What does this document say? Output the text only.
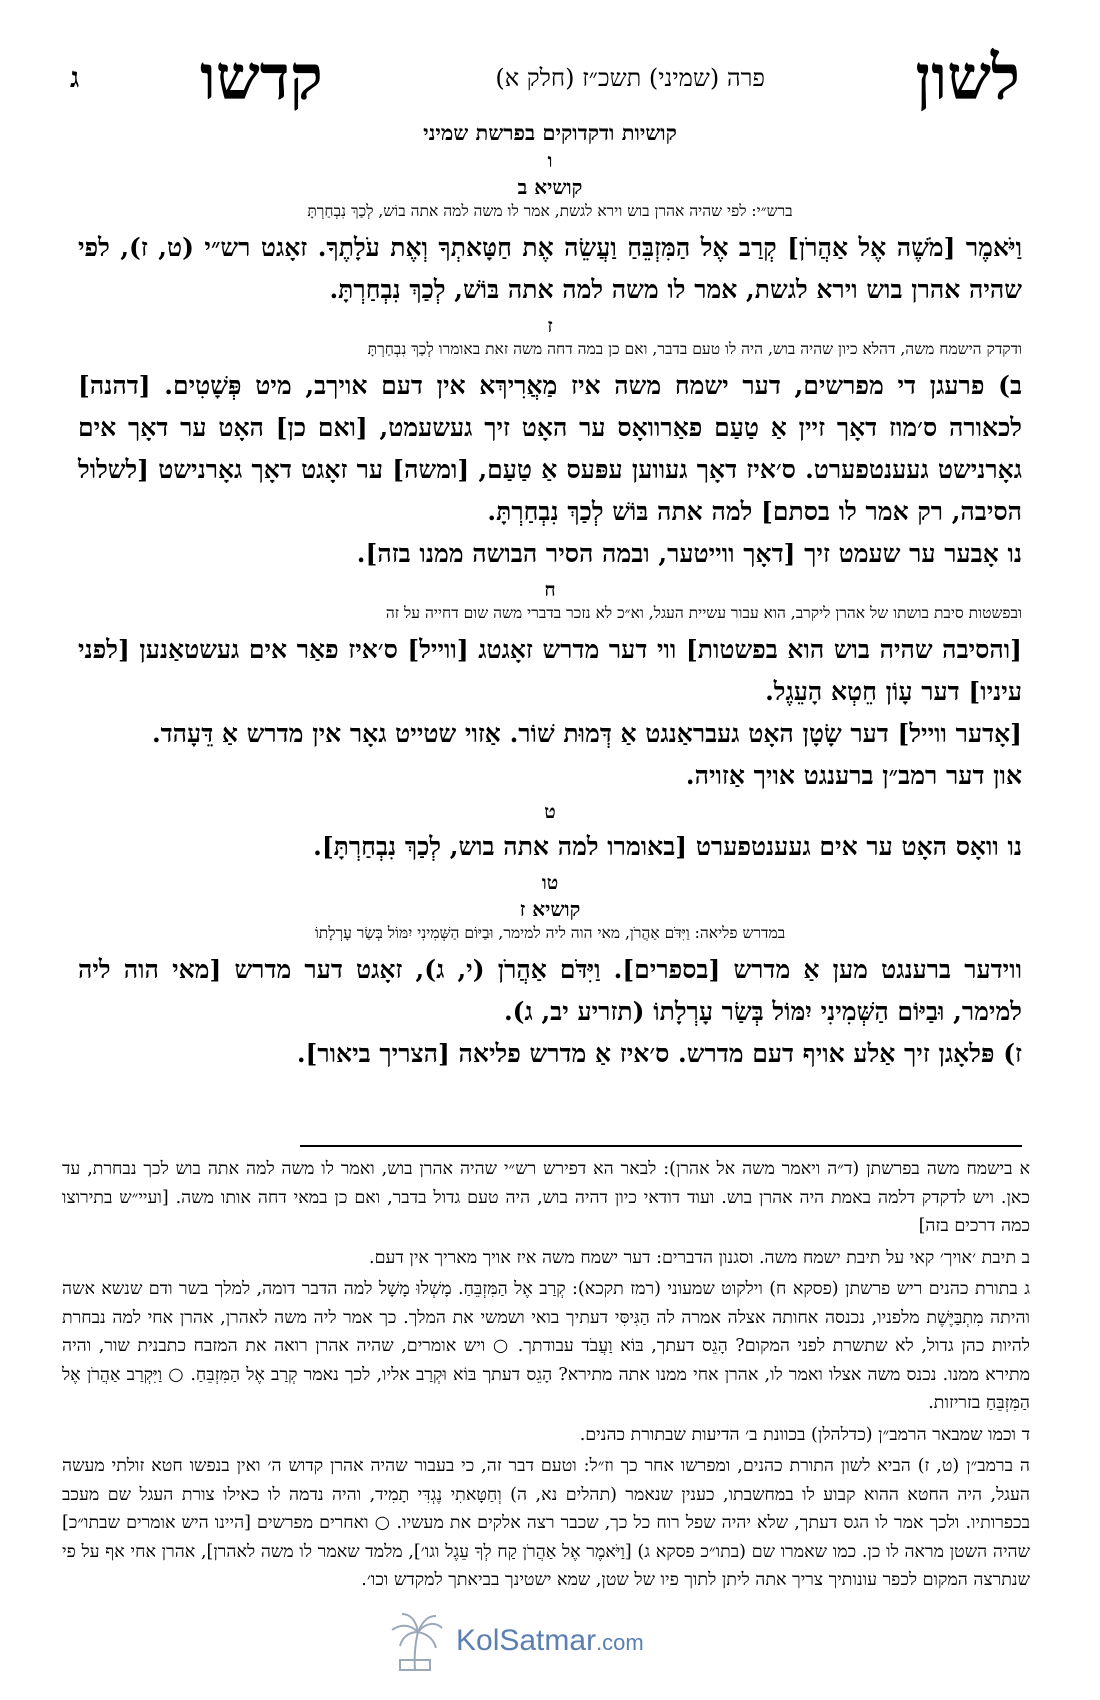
לשון
פרה (שמיני) תשכ״ז (חלק א)
קדשו
ג
קושיות ודקדוקים בפרשת שמיני
ו
קושיא ב
ברש״י: לפי שהיה אהרן בוש וירא לגשת, אמר לו משה למה אתה בוֹש, לְכַךְ נִבְחַרְתָּ

וַיֹּאמֶר [מֹשֶׁה אֶל אַהֲרֹן] קְרַב אֶל הַמִּזְבֵּחַ וַעֲשֵׂה אֶת חַטָּאתְךָ וְאֶת עֹלָתֶךָ. זאָגט רש״י (ט, ז), לפי שהיה אהרן בוש וירא לגשת, אמר לו משה למה אתה בּוֹשׁ, לְכַךְ נִבְחַרְתָּ.

ז
ודקדק הישמח משה, דהלא כיון שהיה בוש, היה לו טעם בדבר, ואם כן במה דחה משה זאת באומרו לְכַךְ נִבְחַרְתָּ

ב) פרעגן די מפרשים, דער ישמח משה איז מַאֲרִיךְא אין דעם אויךב, מיט פְּשָׁטִים. [דהנה] לכאורה ס׳מוז דאָך זיין אַ טַעַם פאַרוואָס ער האָט זיך געשעמט, [ואם כן] האָט ער דאָך אים גאָרנישט געענטפערט. ס׳איז דאָך געווען עפּעס אַ טַעַם, [ומשה] ער זאָגט דאָך גאָרנישט [לשלול הסיבה, רק אמר לו בסתם] למה אתה בּוֹשׁ לְכַךְ נִבְחַרְתָּ.

נו אָבער ער שעמט זיך [דאָך ווייטער, ובמה הסיר הבושה ממנו בזה].

ח
ובפשטות סיבת בושתו של אהרן ליקרב, הוא עבור עשיית העגל, וא״כ לא נזכר בדברי משה שום דחייה על זה

[והסיבה שהיה בוש הוא בפשטות] ווי דער מדרש זאָגטג [ווייל] ס׳איז פאַר אים געשטאַנען [לפני עיניו] דער עָוֹן חֵטְא הָעֵגֶל.

[אָדער ווייל] דער שָׂטָן האָט געבראַנגט אַ דְּמוּת שׁוֹר. אַזוי שטייט גאָר אין מדרש אַ דֵּעָהד.

און דער רמב״ן ברענגט אויך אַזויה.

ט

נו וואָס האָט ער אים געענטפערט [באומרו למה אתה בוש, לְכַךְ נִבְחַרְתָּ].

טו
קושיא ז
במדרש פליאה: וַיִּדֹּם אַהֲרֹן, מאי הוה ליה למימר, וּבַיּוֹם הַשְּׁמִינִי יִמּוֹל בְּשַׂר עָרְלָתוֹ

ווידער ברענגט מען אַ מדרש [בספרים]. וַיִּדֹּם אַהֲרֹן (י, ג), זאָגט דער מדרש [מאי הוה ליה למימר, וּבַיּוֹם הַשְּׁמִינִי יִמּוֹל בְּשַׂר עָרְלָתוֹ (תזריע יב, ג).

ז) פּלאָגן זיך אַלע אויף דעם מדרש. ס׳איז אַ מדרש פליאה [הצריך ביאור].

א בישמח משה בפרשתן (ד״ה ויאמר משה אל אהרן): לבאר הא דפירש רש״י שהיה אהרן בוש, ואמר לו משה למה אתה בוש לכך נבחרת, עד כאן. ויש לדקדק דלמה באמת היה אהרן בוש. ועוד דודאי כיון דהיה בוש, היה טעם גדול בדבר, ואם כן במאי דחה אותו משה. [ועיי״ש בתירוצו כמה דרכים בזה]

ב תיבת ׳אויך׳ קאי על תיבת ישמח משה. וסגנון הדברים: דער ישמח משה איז אויך מאריך אין דעם.

ג בתורת כהנים ריש פרשתן (פסקא ח) וילקוט שמעוני (רמז תקכא): קְרַב אֶל הַמִּזְבֵּחַ. מָשְׁלוּ מָשָׁל למה הדבר דומה, למלך בשר ודם שנשא אשה והיתה מִתְבַּיֶּשֶׁת מלפניו, נכנסה אחותה אצלה אמרה לה הַגִּיסִּי דעתיך בואי ושמשי את המלך. כך אמר ליה משה לאהרן, אהרן אחי למה נבחרת להיות כהן גדול, לא שתשרת לפני המקום? הָגֵס דעתך, בּוֹא וַעֲבֹד עבודתך. ○ ויש אומרים, שהיה אהרן רואה את המזבח כתבנית שור, והיה מתירא ממנו. נכנס משה אצלו ואמר לו, אהרן אחי ממנו אתה מתירא? הָגֵס דעתך בּוֹא וּקְרַב אליו, לכך נאמר קְרַב אֶל הַמִּזְבֵּחַ. ○ וַיִּקְרַב אַהֲרֹן אֶל הַמִּזְבֵּחַ בזריזות.

ד וכמו שמבאר הרמב״ן (כדלהלן) בכוונת ב׳ הדיעות שבתורת כהנים.

ה ברמב״ן (ט, ז) הביא לשון התורת כהנים, ומפרשו אחר כך וז״ל: וטעם דבר זה, כי בעבור שהיה אהרן קדוש ה׳ ואין בנפשו חטא זולתי מעשה העגל, היה החטא ההוא קבוע לו במחשבתו, כענין שנאמר (תהלים נא, ה) וְחַטָּאתִי נֶגְדִּי תָמִיד, והיה נדמה לו כאילו צורת העגל שם מעכב בכפרותיו. ולכך אמר לו הגס דעתך, שלא יהיה שפל רוח כל כך, שכבר רצה אלקים את מעשיו. ○ ואחרים מפרשים [היינו היש אומרים שבתו״כ] שהיה השטן מראה לו כן. כמו שאמרו שם (בתו״כ פסקא ג) [וַיֹּאמֶר אֶל אַהֲרֹן קַח לְךָ עֵגֶל וגו׳], מלמד שאמר לו משה לאהרן], אהרן אחי אף על פי שנתרצה המקום לכפר עונותיך צריך אתה ליתן לתוך פיו של שטן, שמא ישטינך בביאתך למקדש וכו׳.

KolSatmar.com
